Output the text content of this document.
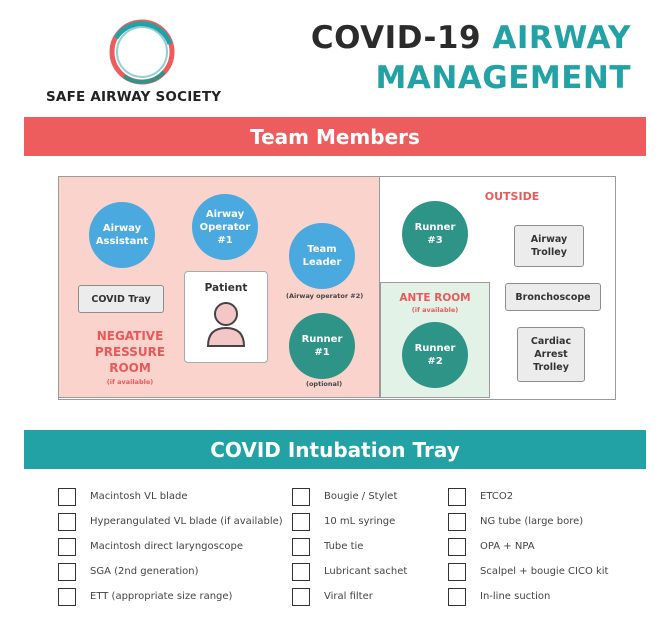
SAFE AIRWAY SOCIETY
COVID-19 AIRWAY
MANAGEMENT
Team Members
Airway
Assistant
Airway
Operator
#1
Team
Leader
(Airway operator #2)
Runner
#1
(optional)
Patient
COVID Tray
NEGATIVE
PRESSURE
ROOM
(if available)
OUTSIDE
Runner
#3	Airway
Trolley
Bronchoscope
Cardiac
Arrest
Trolley
ANTE ROOM
(if available)
Runner
#2
COVID Intubation Tray
Macintosh VL blade
Hyperangulated VL blade (if available)
Macintosh direct laryngoscope
SGA (2nd generation)
ETT (appropriate size range)
Bougie / Stylet
10 mL syringe
Tube tie
Lubricant sachet
Viral filter
ETCO2
NG tube (large bore)
OPA + NPA
Scalpel + bougie CICO kit
In-line suction
